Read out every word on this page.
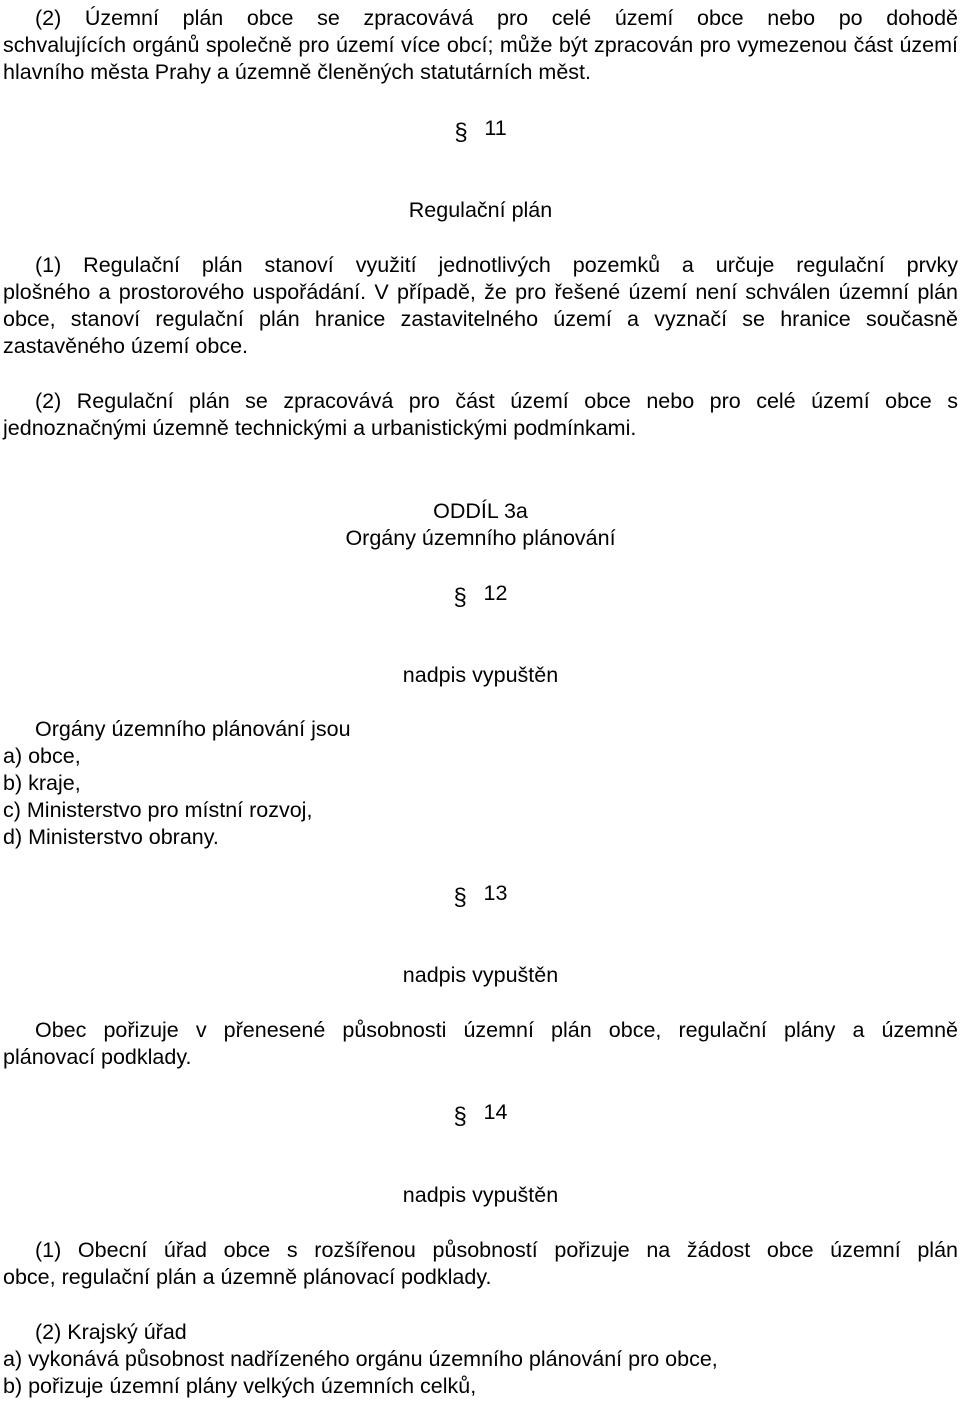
(2) Územní plán obce se zpracovává pro celé území obce nebo po dohodě
schvalujících orgánů společně pro území více obcí; může být zpracován pro vymezenou část území hlavního města Prahy a územně členěných statutárních měst.
§ 11
Regulační plán
(1) Regulační plán stanoví využití jednotlivých pozemků a určuje regulační prvky
plošného a prostorového uspořádání. V případě, že pro řešené území není schválen územní plán obce, stanoví regulační plán hranice zastavitelného území a vyznačí se hranice současně zastavěného území obce.
(2) Regulační plán se zpracovává pro část území obce nebo pro celé území obce s
jednoznačnými územně technickými a urbanistickými podmínkami.
ODDÍL 3a
Orgány územního plánování
§ 12
nadpis vypuštěn
Orgány územního plánování jsou
a) obce,
b) kraje,
c) Ministerstvo pro místní rozvoj,
d) Ministerstvo obrany.
§ 13
nadpis vypuštěn
Obec pořizuje v přenesené působnosti územní plán obce, regulační plány a územně
plánovací podklady.
§ 14
nadpis vypuštěn
(1) Obecní úřad obce s rozšířenou působností pořizuje na žádost obce územní plán
obce, regulační plán a územně plánovací podklady.
(2) Krajský úřad
a) vykonává působnost nadřízeného orgánu územního plánování pro obce,
b) pořizuje územní plány velkých územních celků,
